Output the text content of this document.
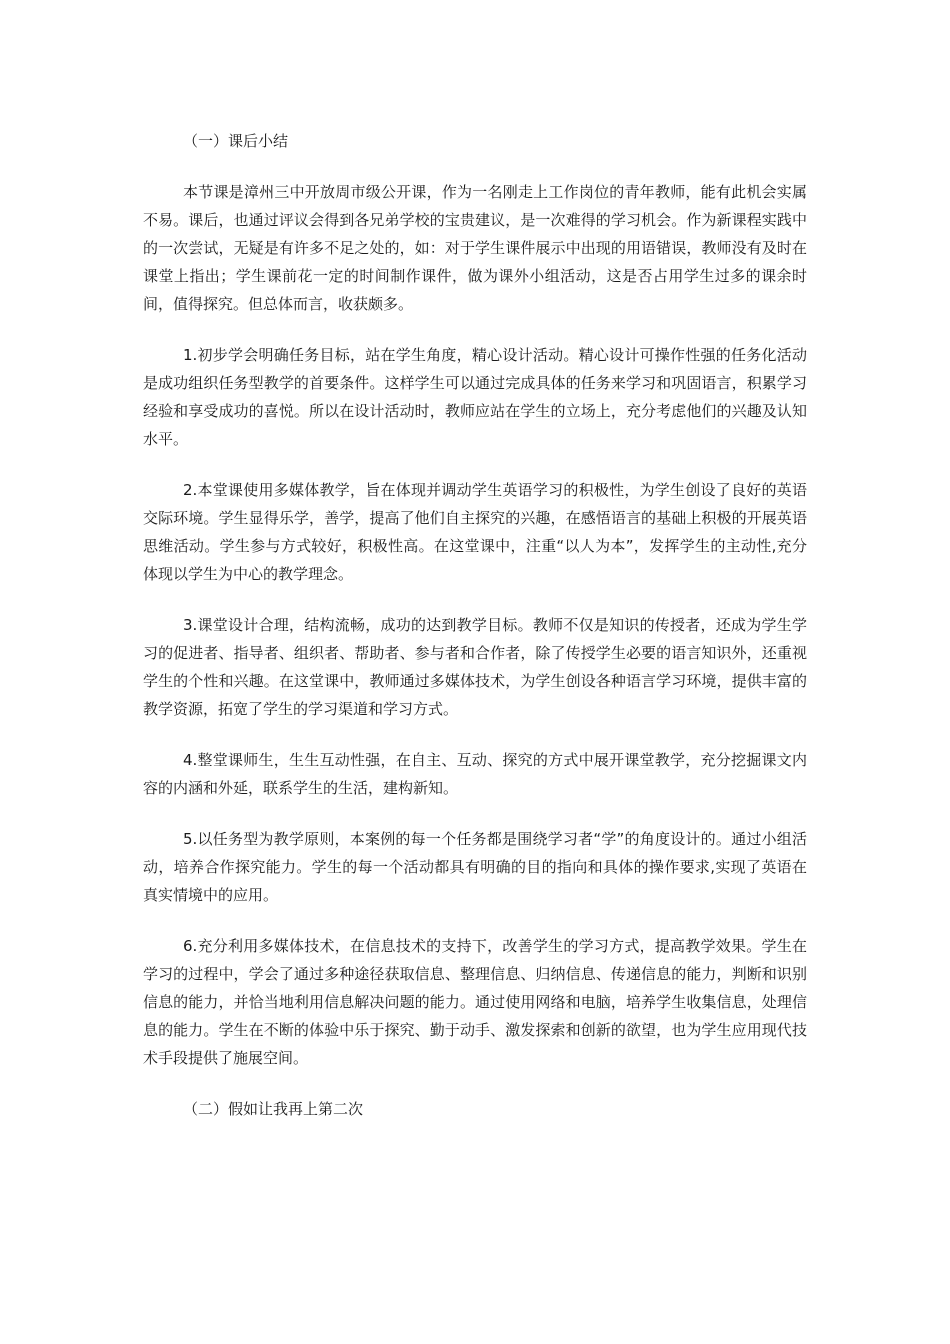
（一）课后小结

本节课是漳州三中开放周市级公开课，作为一名刚走上工作岗位的青年教师，能有此机会实属不易。课后，也通过评议会得到各兄弟学校的宝贵建议，是一次难得的学习机会。作为新课程实践中的一次尝试，无疑是有许多不足之处的，如：对于学生课件展示中出现的用语错误，教师没有及时在课堂上指出；学生课前花一定的时间制作课件，做为课外小组活动，这是否占用学生过多的课余时间，值得探究。但总体而言，收获颇多。

1.初步学会明确任务目标，站在学生角度，精心设计活动。精心设计可操作性强的任务化活动是成功组织任务型教学的首要条件。这样学生可以通过完成具体的任务来学习和巩固语言，积累学习经验和享受成功的喜悦。所以在设计活动时，教师应站在学生的立场上，充分考虑他们的兴趣及认知水平。

2.本堂课使用多媒体教学，旨在体现并调动学生英语学习的积极性，为学生创设了良好的英语交际环境。学生显得乐学，善学，提高了他们自主探究的兴趣，在感悟语言的基础上积极的开展英语思维活动。学生参与方式较好，积极性高。在这堂课中，注重“以人为本”，发挥学生的主动性,充分体现以学生为中心的教学理念。

3.课堂设计合理，结构流畅，成功的达到教学目标。教师不仅是知识的传授者，还成为学生学习的促进者、指导者、组织者、帮助者、参与者和合作者，除了传授学生必要的语言知识外，还重视学生的个性和兴趣。在这堂课中，教师通过多媒体技术，为学生创设各种语言学习环境，提供丰富的教学资源，拓宽了学生的学习渠道和学习方式。

4.整堂课师生，生生互动性强，在自主、互动、探究的方式中展开课堂教学，充分挖掘课文内容的内涵和外延，联系学生的生活，建构新知。

5.以任务型为教学原则，本案例的每一个任务都是围绕学习者“学”的角度设计的。通过小组活动，培养合作探究能力。学生的每一个活动都具有明确的目的指向和具体的操作要求,实现了英语在真实情境中的应用。

6.充分利用多媒体技术，在信息技术的支持下，改善学生的学习方式，提高教学效果。学生在学习的过程中，学会了通过多种途径获取信息、整理信息、归纳信息、传递信息的能力，判断和识别信息的能力，并恰当地利用信息解决问题的能力。通过使用网络和电脑，培养学生收集信息，处理信息的能力。学生在不断的体验中乐于探究、勤于动手、激发探索和创新的欲望，也为学生应用现代技术手段提供了施展空间。

（二）假如让我再上第二次
